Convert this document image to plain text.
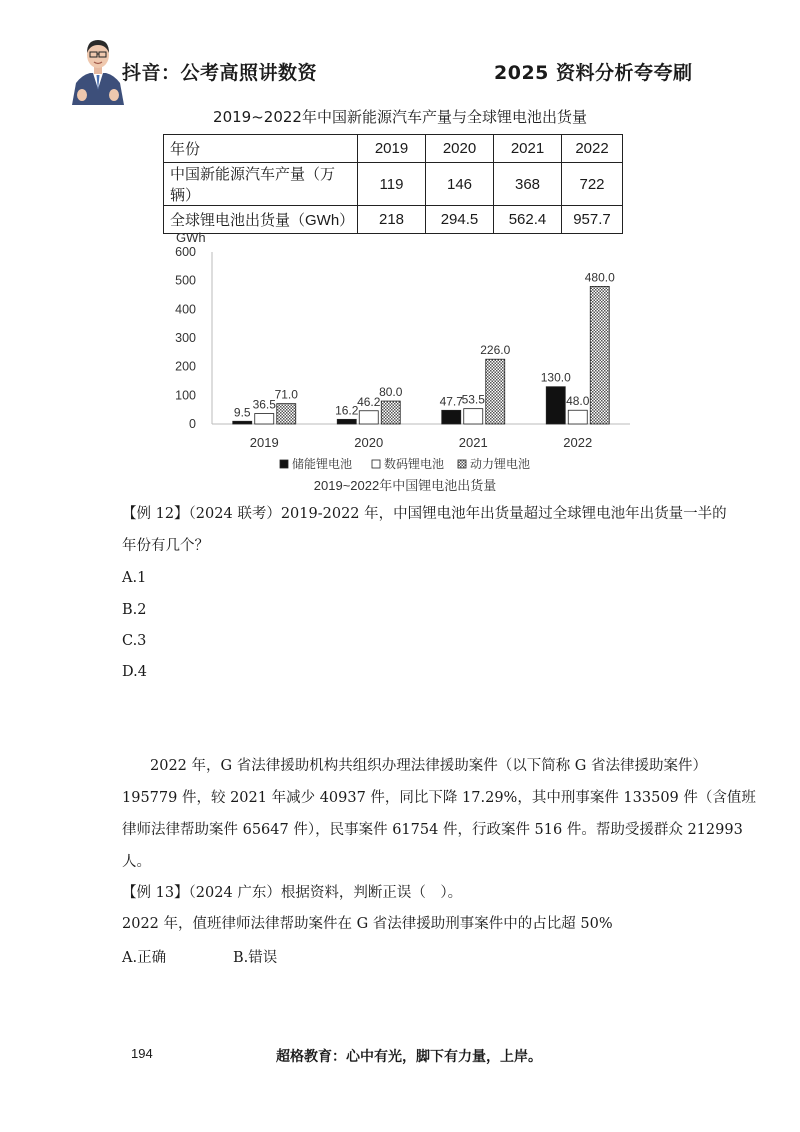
抖音：公考高照讲数资	2025 资料分析夸夸刷
2019~2022年中国新能源汽车产量与全球锂电池出货量
年份	2019	2020	2021	2022
中国新能源汽车产量（万辆）	119	146	368	722
全球锂电池出货量（GWh）	218	294.5	562.4	957.7
GWh
0
100
200
300
400
500
600
9.5
36.5
71.0
16.2
46.2
80.0
47.7
53.5
226.0
130.0
48.0
480.0
2019	2020	2021	2022
储能锂电池	数码锂电池 动力锂电池
2019~2022年中国锂电池出货量
【例 12】（2024 联考）2019-2022 年，中国锂电池年出货量超过全球锂电池年出货量一半的
年份有几个？
A.1
B.2
C.3
D.4
2022 年，G 省法律援助机构共组织办理法律援助案件（以下简称 G 省法律援助案件）
195779 件，较 2021 年减少 40937 件，同比下降 17.29%，其中刑事案件 133509 件（含值班
律师法律帮助案件 65647 件），民事案件 61754 件，行政案件 516 件。帮助受援群众 212993
人。
【例 13】（2024 广东）根据资料，判断正误（　）。
2022 年，值班律师法律帮助案件在 G 省法律援助刑事案件中的占比超 50%
A.正确	B.错误
194	超格教育：心中有光，脚下有力量，上岸。
